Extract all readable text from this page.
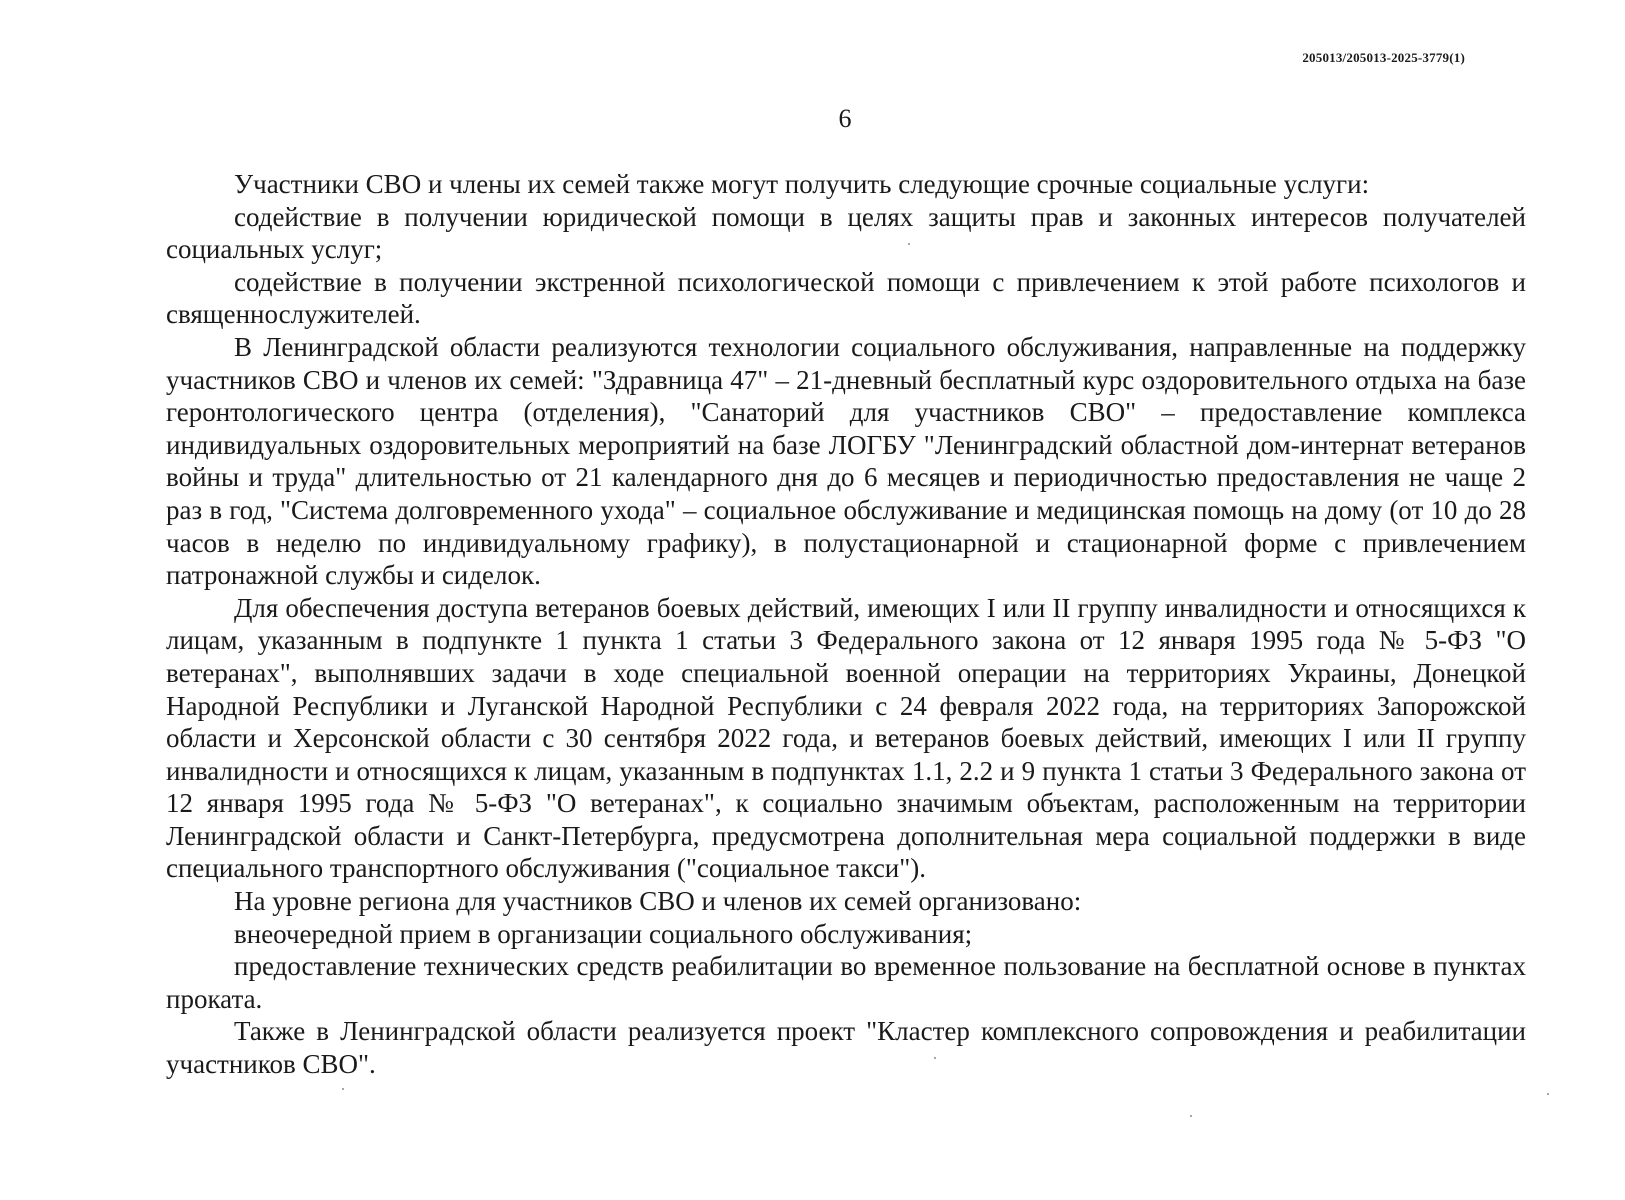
205013/205013-2025-3779(1)
6

Участники СВО и члены их семей также могут получить следующие срочные социальные услуги:

содействие в получении юридической помощи в целях защиты прав и законных интересов получателей социальных услуг;

содействие в получении экстренной психологической помощи с привлечением к этой работе психологов и священнослужителей.

В Ленинградской области реализуются технологии социального обслуживания, направленные на поддержку участников СВО и членов их семей: "Здравница 47" – 21-дневный бесплатный курс оздоровительного отдыха на базе геронтологического центра (отделения), "Санаторий для участников СВО" – предоставление комплекса индивидуальных оздоровительных мероприятий на базе ЛОГБУ "Ленинградский областной дом-интернат ветеранов войны и труда" длительностью от 21 календарного дня до 6 месяцев и периодичностью предоставления не чаще 2 раз в год, "Система долговременного ухода" – социальное обслуживание и медицинская помощь на дому (от 10 до 28 часов в неделю по индивидуальному графику), в полустационарной и стационарной форме с привлечением патронажной службы и сиделок.

Для обеспечения доступа ветеранов боевых действий, имеющих I или II группу инвалидности и относящихся к лицам, указанным в подпункте 1 пункта 1 статьи 3 Федерального закона от 12 января 1995 года № 5-ФЗ "О ветеранах", выполнявших задачи в ходе специальной военной операции на территориях Украины, Донецкой Народной Республики и Луганской Народной Республики с 24 февраля 2022 года, на территориях Запорожской области и Херсонской области с 30 сентября 2022 года, и ветеранов боевых действий, имеющих I или II группу инвалидности и относящихся к лицам, указанным в подпунктах 1.1, 2.2 и 9 пункта 1 статьи 3 Федерального закона от 12 января 1995 года № 5-ФЗ "О ветеранах", к социально значимым объектам, расположенным на территории Ленинградской области и Санкт-Петербурга, предусмотрена дополнительная мера социальной поддержки в виде специального транспортного обслуживания ("социальное такси").

На уровне региона для участников СВО и членов их семей организовано:

внеочередной прием в организации социального обслуживания;

предоставление технических средств реабилитации во временное пользование на бесплатной основе в пунктах проката.

Также в Ленинградской области реализуется проект "Кластер комплексного сопровождения и реабилитации участников СВО".
